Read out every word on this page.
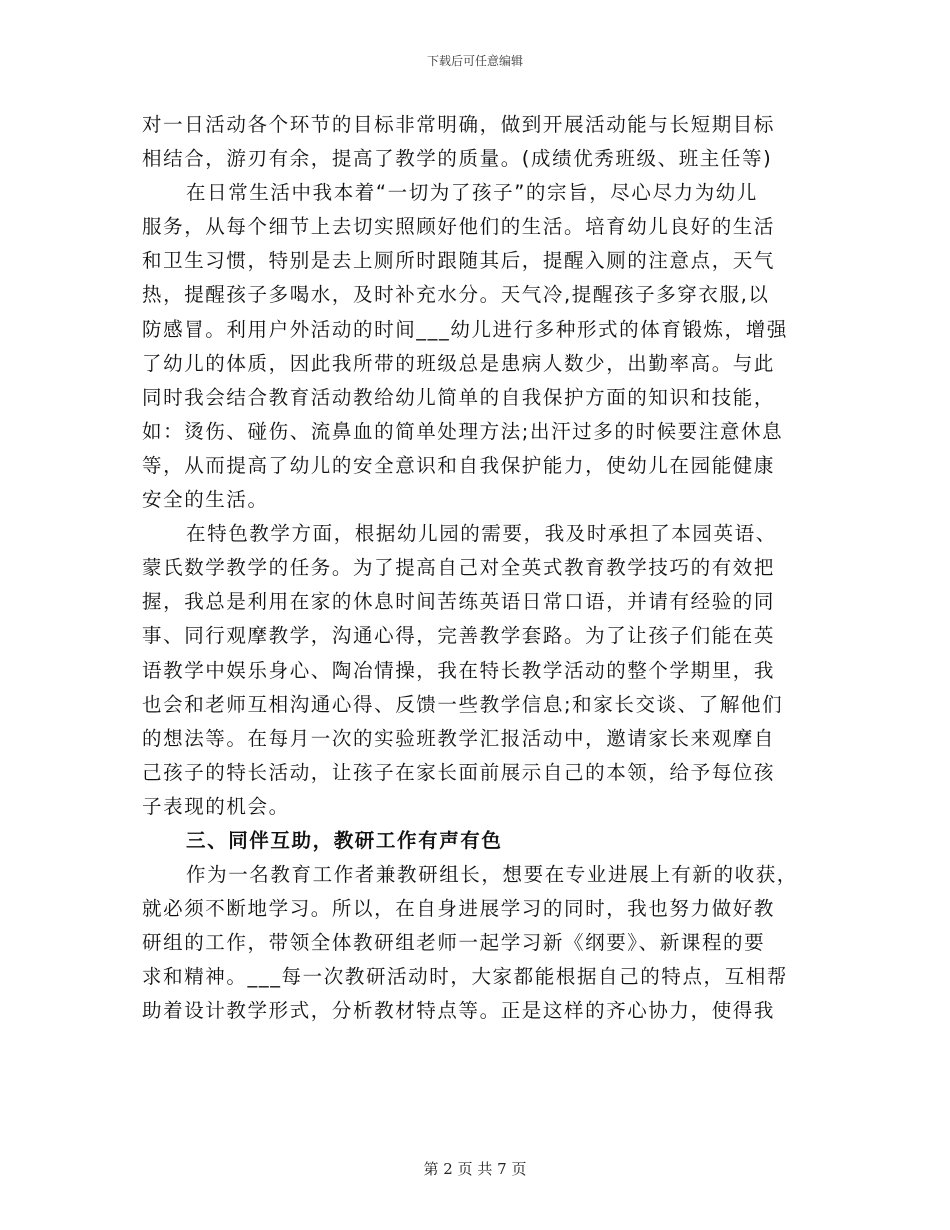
下载后可任意编辑
对一日活动各个环节的目标非常明确，做到开展活动能与长短期目标
相结合，游刃有余，提高了教学的质量。(成绩优秀班级、班主任等)
在日常生活中我本着“一切为了孩子”的宗旨，尽心尽力为幼儿
服务，从每个细节上去切实照顾好他们的生活。培育幼儿良好的生活
和卫生习惯，特别是去上厕所时跟随其后，提醒入厕的注意点，天气
热，提醒孩子多喝水，及时补充水分。天气冷,提醒孩子多穿衣服,以
防感冒。利用户外活动的时间___幼儿进行多种形式的体育锻炼，增强
了幼儿的体质，因此我所带的班级总是患病人数少，出勤率高。与此
同时我会结合教育活动教给幼儿简单的自我保护方面的知识和技能，
如：烫伤、碰伤、流鼻血的简单处理方法;出汗过多的时候要注意休息
等，从而提高了幼儿的安全意识和自我保护能力，使幼儿在园能健康
安全的生活。
在特色教学方面，根据幼儿园的需要，我及时承担了本园英语、
蒙氏数学教学的任务。为了提高自己对全英式教育教学技巧的有效把
握，我总是利用在家的休息时间苦练英语日常口语，并请有经验的同
事、同行观摩教学，沟通心得，完善教学套路。为了让孩子们能在英
语教学中娱乐身心、陶冶情操，我在特长教学活动的整个学期里，我
也会和老师互相沟通心得、反馈一些教学信息;和家长交谈、了解他们
的想法等。在每月一次的实验班教学汇报活动中，邀请家长来观摩自
己孩子的特长活动，让孩子在家长面前展示自己的本领，给予每位孩
子表现的机会。
三、同伴互助，教研工作有声有色
作为一名教育工作者兼教研组长，想要在专业进展上有新的收获，
就必须不断地学习。所以，在自身进展学习的同时，我也努力做好教
研组的工作，带领全体教研组老师一起学习新《纲要》、新课程的要
求和精神。___每一次教研活动时，大家都能根据自己的特点，互相帮
助着设计教学形式，分析教材特点等。正是这样的齐心协力，使得我
第 2 页 共 7 页
